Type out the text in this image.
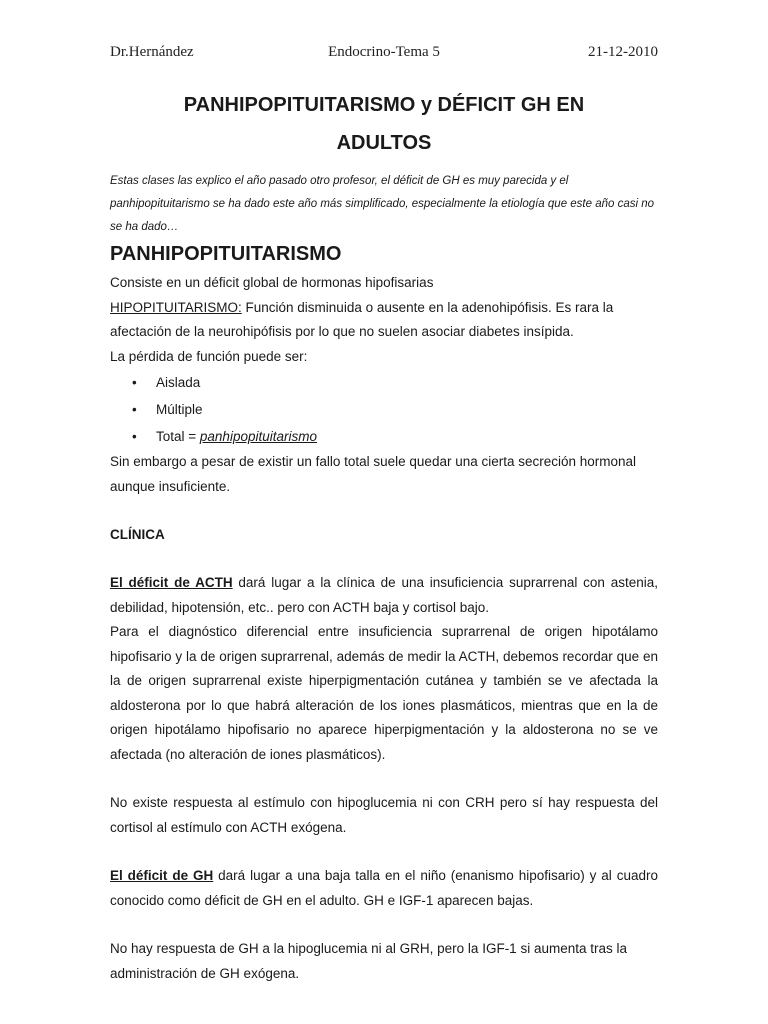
Dr.Hernández	Endocrino-Tema 5	21-12-2010
PANHIPOPITUITARISMO y DÉFICIT GH EN
ADULTOS

Estas clases las explico el año pasado otro profesor, el déficit de GH es muy parecida y el panhipopituitarismo se ha dado este año más simplificado, especialmente la etiología que este año casi no se ha dado…

PANHIPOPITUITARISMO

Consiste en un déficit global de hormonas hipofisarias

HIPOPITUITARISMO: Función disminuida o ausente en la adenohipófisis. Es rara la afectación de la neurohipófisis por lo que no suelen asociar diabetes insípida.

La pérdida de función puede ser:

• Aislada
• Múltiple
• Total = panhipopituitarismo

Sin embargo a pesar de existir un fallo total suele quedar una cierta secreción hormonal aunque insuficiente.

CLÍNICA

El déficit de ACTH dará lugar a la clínica de una insuficiencia suprarrenal con astenia, debilidad, hipotensión, etc.. pero con ACTH baja y cortisol bajo.

Para el diagnóstico diferencial entre insuficiencia suprarrenal de origen hipotálamo hipofisario y la de origen suprarrenal, además de medir la ACTH, debemos recordar que en la de origen suprarrenal existe hiperpigmentación cutánea y también se ve afectada la aldosterona por lo que habrá alteración de los iones plasmáticos, mientras que en la de origen hipotálamo hipofisario no aparece hiperpigmentación y la aldosterona no se ve afectada (no alteración de iones plasmáticos).

No existe respuesta al estímulo con hipoglucemia ni con CRH pero sí hay respuesta del cortisol al estímulo con ACTH exógena.

El déficit de GH dará lugar a una baja talla en el niño (enanismo hipofisario) y al cuadro conocido como déficit de GH en el adulto. GH e IGF-1 aparecen bajas.

No hay respuesta de GH a la hipoglucemia ni al GRH, pero la IGF-1 si aumenta tras la administración de GH exógena.
